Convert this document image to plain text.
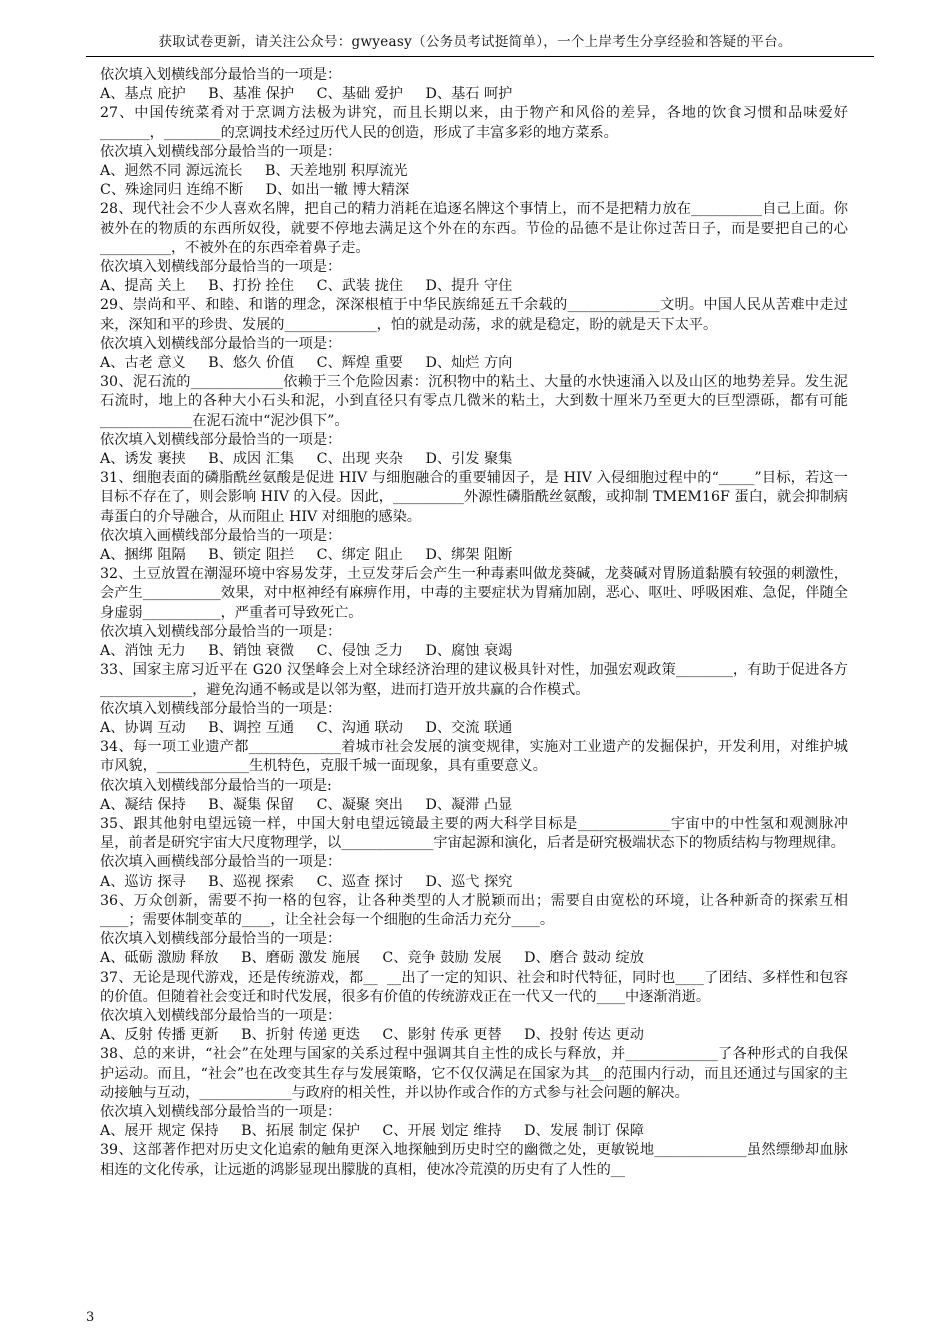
获取试卷更新，请关注公众号：gwyeasy（公务员考试挺简单），一个上岸考生分享经验和答疑的平台。

依次填入划横线部分最恰当的一项是：

A、基点 庇护     B、基准 保护     C、基础 爱护     D、基石 呵护

27、中国传统菜肴对于烹调方法极为讲究，而且长期以来，由于物产和风俗的差异，各地的饮食习惯和品味爱好_______，________的烹调技术经过历代人民的创造，形成了丰富多彩的地方菜系。

依次填入划横线部分最恰当的一项是：

A、迥然不同 源远流长     B、天差地别 积厚流光

C、殊途同归 连绵不断     D、如出一辙 博大精深

28、现代社会不少人喜欢名牌，把自己的精力消耗在追逐名牌这个事情上，而不是把精力放在__________自己上面。你被外在的物质的东西所奴役，就要不停地去满足这个外在的东西。节俭的品德不是让你过苦日子，而是要把自己的心__________，不被外在的东西牵着鼻子走。

依次填入划横线部分最恰当的一项是：

A、提高 关上     B、打扮 拴住     C、武装 拢住     D、提升 守住

29、崇尚和平、和睦、和谐的理念，深深根植于中华民族绵延五千余载的_____________文明。中国人民从苦难中走过来，深知和平的珍贵、发展的_____________，怕的就是动荡，求的就是稳定，盼的就是天下太平。

依次填入划横线部分最恰当的一项是：

A、古老 意义     B、悠久 价值     C、辉煌 重要     D、灿烂 方向

30、泥石流的_____________依赖于三个危险因素：沉积物中的粘土、大量的水快速涌入以及山区的地势差异。发生泥石流时，地上的各种大小石头和泥，小到直径只有零点几微米的粘土，大到数十厘米乃至更大的巨型漂砾，都有可能_____________在泥石流中“泥沙俱下”。

依次填入划横线部分最恰当的一项是：

A、诱发 裹挟     B、成因 汇集     C、出现 夹杂     D、引发 聚集

31、细胞表面的磷脂酰丝氨酸是促进 HIV 与细胞融合的重要辅因子，是 HIV 入侵细胞过程中的“_____”目标，若这一目标不存在了，则会影响 HIV 的入侵。因此，__________外源性磷脂酰丝氨酸，或抑制 TMEM16F 蛋白，就会抑制病毒蛋白的介导融合，从而阻止 HIV 对细胞的感染。

依次填入画横线部分最恰当的一项是：

A、捆绑 阻隔     B、锁定 阻拦     C、绑定 阻止     D、绑架 阻断

32、土豆放置在潮湿环境中容易发芽，土豆发芽后会产生一种毒素叫做龙葵碱，龙葵碱对胃肠道黏膜有较强的刺激性，会产生___________效果，对中枢神经有麻痹作用，中毒的主要症状为胃痛加剧，恶心、呕吐、呼吸困难、急促，伴随全身虚弱___________，严重者可导致死亡。

依次填入划横线部分最恰当的一项是：

A、消蚀 无力     B、销蚀 衰微     C、侵蚀 乏力     D、腐蚀 衰竭

33、国家主席习近平在 G20 汉堡峰会上对全球经济治理的建议极具针对性，加强宏观政策________，有助于促进各方_____________，避免沟通不畅或是以邻为壑，进而打造开放共赢的合作模式。

依次填入划横线部分最恰当的一项是：

A、协调 互动     B、调控 互通     C、沟通 联动     D、交流 联通

34、每一项工业遗产都_____________着城市社会发展的演变规律，实施对工业遗产的发掘保护，开发利用，对维护城市风貌，_____________生机特色，克服千城一面现象，具有重要意义。

依次填入划横线部分最恰当的一项是:

A、凝结 保持     B、凝集 保留     C、凝聚 突出     D、凝滞 凸显

35、跟其他射电望远镜一样，中国大射电望远镜最主要的两大科学目标是_____________宇宙中的中性氢和观测脉冲星，前者是研究宇宙大尺度物理学，以_____________宇宙起源和演化，后者是研究极端状态下的物质结构与物理规律。

依次填入画横线部分最恰当的一项是：

A、巡访 探寻     B、巡视 探索     C、巡查 探讨     D、巡弋 探究

36、万众创新，需要不拘一格的包容，让各种类型的人才脱颖而出；需要自由宽松的环境，让各种新奇的探索互相____；需要体制变革的____，让全社会每一个细胞的生命活力充分____。

依次填入划横线部分最恰当的一项是：

A、砥砺 激励 释放     B、磨砺 激发 施展     C、竞争 鼓励 发展     D、磨合 鼓动 绽放

37、无论是现代游戏，还是传统游戏，都__  __出了一定的知识、社会和时代特征，同时也____了团结、多样性和包容的价值。但随着社会变迁和时代发展，很多有价值的传统游戏正在一代又一代的____中逐渐消逝。

依次填入划横线部分最恰当的一项是：

A、反射 传播 更新     B、折射 传递 更迭     C、影射 传承 更替     D、投射 传达 更动

38、总的来讲，“社会”在处理与国家的关系过程中强调其自主性的成长与释放，并_____________了各种形式的自我保护运动。而且，“社会”也在改变其生存与发展策略，它不仅仅满足在国家为其__的范围内行动，而且还通过与国家的主动接触与互动，_____________与政府的相关性，并以协作或合作的方式参与社会问题的解决。

依次填入划横线部分最恰当的一项是：

A、展开 规定 保持     B、拓展 制定 保护     C、开展 划定 维持     D、发展 制订 保障

39、这部著作把对历史文化追索的触角更深入地探触到历史时空的幽微之处，更敏锐地_____________虽然缥缈却血脉相连的文化传承，让远逝的鸿影显现出朦胧的真相，使冰冷荒漠的历史有了人性的__

3
